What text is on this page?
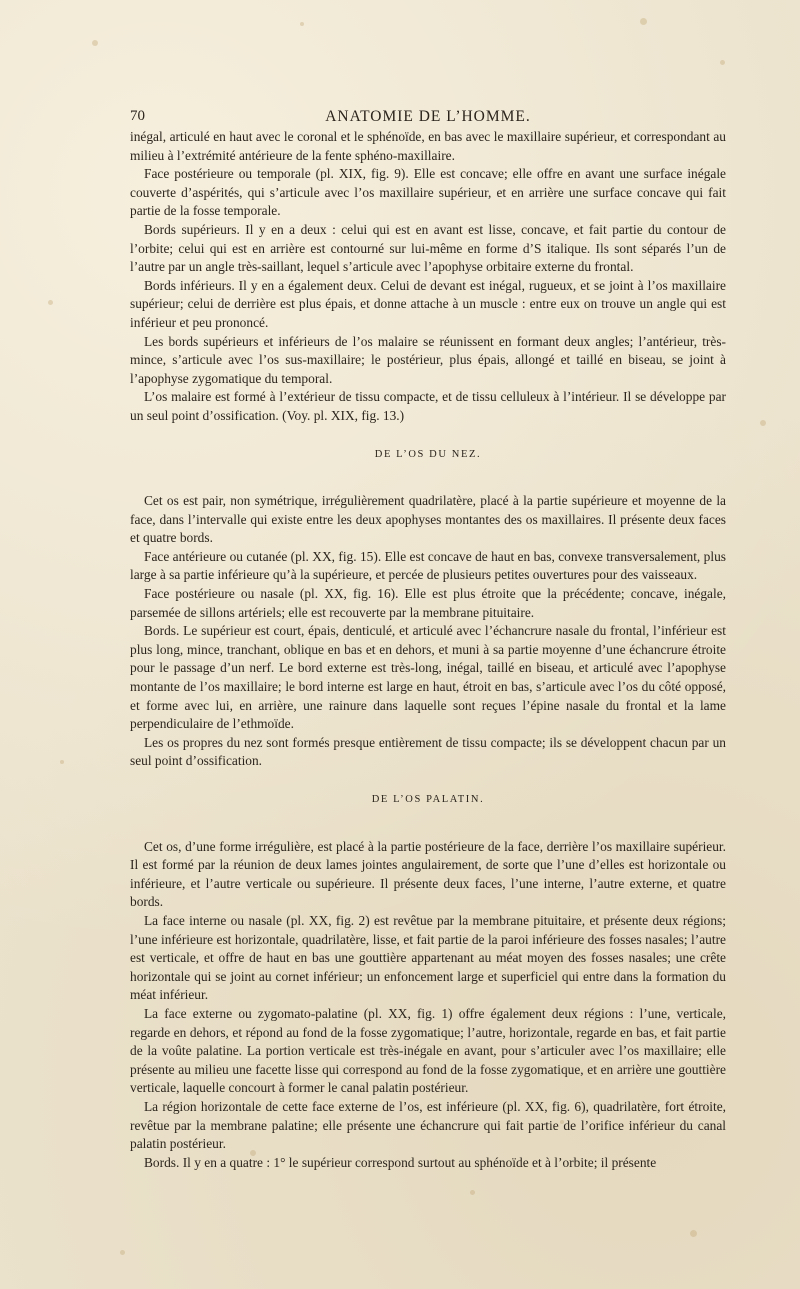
70	ANATOMIE DE L’HOMME.

inégal, articulé en haut avec le coronal et le sphénoïde, en bas avec le maxillaire supérieur, et correspondant au milieu à l’extrémité antérieure de la fente sphéno-maxillaire.

Face postérieure ou temporale (pl. XIX, fig. 9). Elle est concave; elle offre en avant une surface inégale couverte d’aspérités, qui s’articule avec l’os maxillaire supérieur, et en arrière une surface concave qui fait partie de la fosse temporale.

Bords supérieurs. Il y en a deux : celui qui est en avant est lisse, concave, et fait partie du contour de l’orbite; celui qui est en arrière est contourné sur lui-même en forme d’S italique. Ils sont séparés l’un de l’autre par un angle très-saillant, lequel s’articule avec l’apophyse orbitaire externe du frontal.

Bords inférieurs. Il y en a également deux. Celui de devant est inégal, rugueux, et se joint à l’os maxillaire supérieur; celui de derrière est plus épais, et donne attache à un muscle : entre eux on trouve un angle qui est inférieur et peu prononcé.

Les bords supérieurs et inférieurs de l’os malaire se réunissent en formant deux angles; l’antérieur, très-mince, s’articule avec l’os sus-maxillaire; le postérieur, plus épais, allongé et taillé en biseau, se joint à l’apophyse zygomatique du temporal.

L’os malaire est formé à l’extérieur de tissu compacte, et de tissu celluleux à l’intérieur. Il se développe par un seul point d’ossification. (Voy. pl. XIX, fig. 13.)

DE L’OS DU NEZ.

Cet os est pair, non symétrique, irrégulièrement quadrilatère, placé à la partie supérieure et moyenne de la face, dans l’intervalle qui existe entre les deux apophyses montantes des os maxillaires. Il présente deux faces et quatre bords.

Face antérieure ou cutanée (pl. XX, fig. 15). Elle est concave de haut en bas, convexe transversalement, plus large à sa partie inférieure qu’à la supérieure, et percée de plusieurs petites ouvertures pour des vaisseaux.

Face postérieure ou nasale (pl. XX, fig. 16). Elle est plus étroite que la précédente; concave, inégale, parsemée de sillons artériels; elle est recouverte par la membrane pituitaire.

Bords. Le supérieur est court, épais, denticulé, et articulé avec l’échancrure nasale du frontal, l’inférieur est plus long, mince, tranchant, oblique en bas et en dehors, et muni à sa partie moyenne d’une échancrure étroite pour le passage d’un nerf. Le bord externe est très-long, inégal, taillé en biseau, et articulé avec l’apophyse montante de l’os maxillaire; le bord interne est large en haut, étroit en bas, s’articule avec l’os du côté opposé, et forme avec lui, en arrière, une rainure dans laquelle sont reçues l’épine nasale du frontal et la lame perpendiculaire de l’ethmoïde.

Les os propres du nez sont formés presque entièrement de tissu compacte; ils se développent chacun par un seul point d’ossification.

DE L’OS PALATIN.

Cet os, d’une forme irrégulière, est placé à la partie postérieure de la face, derrière l’os maxillaire supérieur. Il est formé par la réunion de deux lames jointes angulairement, de sorte que l’une d’elles est horizontale ou inférieure, et l’autre verticale ou supérieure. Il présente deux faces, l’une interne, l’autre externe, et quatre bords.

La face interne ou nasale (pl. XX, fig. 2) est revêtue par la membrane pituitaire, et présente deux régions; l’une inférieure est horizontale, quadrilatère, lisse, et fait partie de la paroi inférieure des fosses nasales; l’autre est verticale, et offre de haut en bas une gouttière appartenant au méat moyen des fosses nasales; une crête horizontale qui se joint au cornet inférieur; un enfoncement large et superficiel qui entre dans la formation du méat inférieur.

La face externe ou zygomato-palatine (pl. XX, fig. 1) offre également deux régions : l’une, verticale, regarde en dehors, et répond au fond de la fosse zygomatique; l’autre, horizontale, regarde en bas, et fait partie de la voûte palatine. La portion verticale est très-inégale en avant, pour s’articuler avec l’os maxillaire; elle présente au milieu une facette lisse qui correspond au fond de la fosse zygomatique, et en arrière une gouttière verticale, laquelle concourt à former le canal palatin postérieur.

La région horizontale de cette face externe de l’os, est inférieure (pl. XX, fig. 6), quadrilatère, fort étroite, revêtue par la membrane palatine; elle présente une échancrure qui fait partie de l’orifice inférieur du canal palatin postérieur.

Bords. Il y en a quatre : 1° le supérieur correspond surtout au sphénoïde et à l’orbite; il présente
